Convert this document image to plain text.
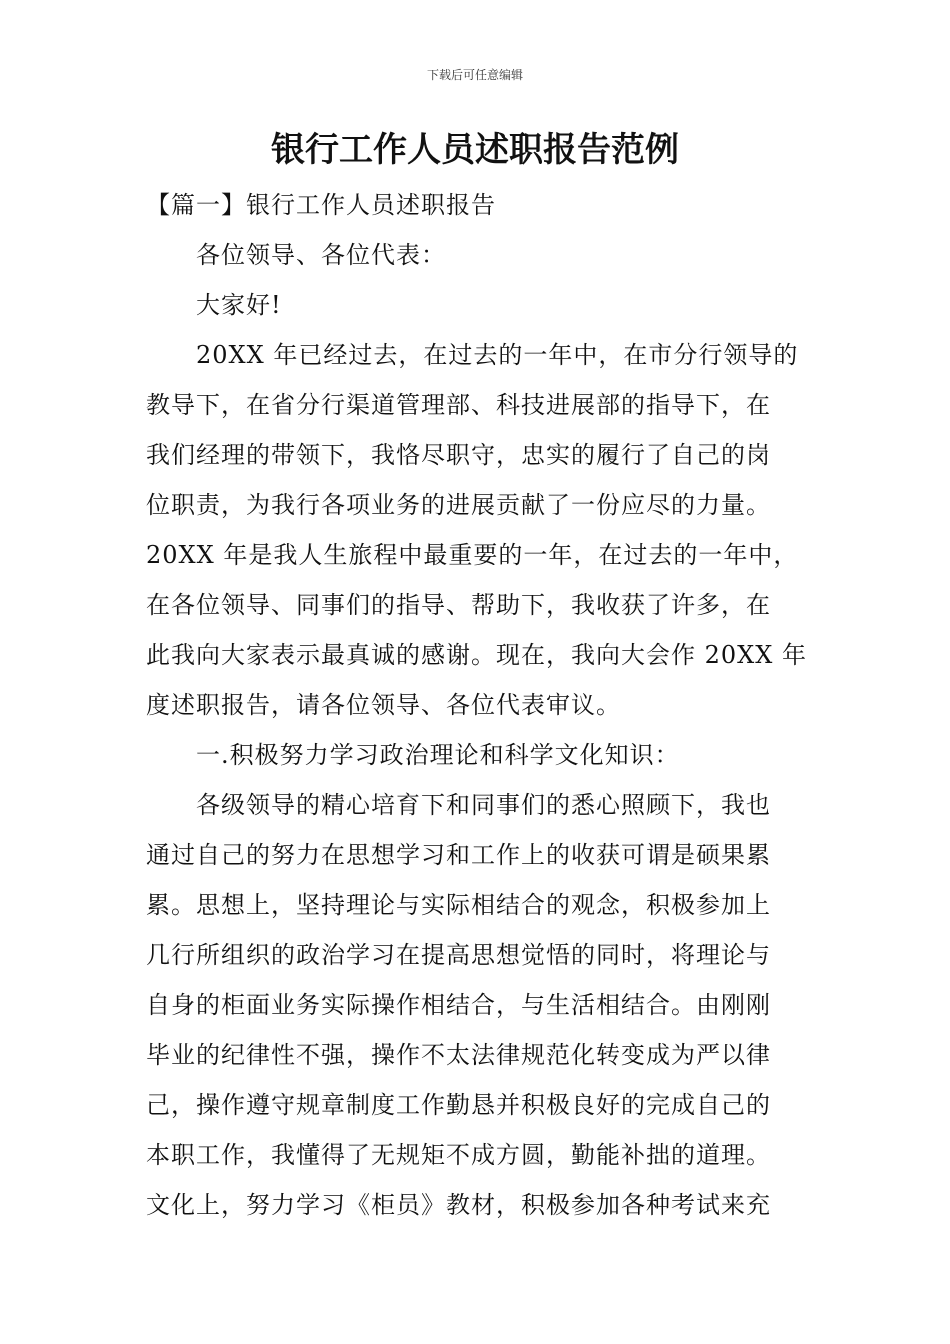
下载后可任意编辑
银行工作人员述职报告范例
【篇一】银行工作人员述职报告
各位领导、各位代表：
大家好!
20XX 年已经过去，在过去的一年中，在市分行领导的
教导下，在省分行渠道管理部、科技进展部的指导下，在
我们经理的带领下，我恪尽职守，忠实的履行了自己的岗
位职责，为我行各项业务的进展贡献了一份应尽的力量。
20XX 年是我人生旅程中最重要的一年，在过去的一年中，
在各位领导、同事们的指导、帮助下，我收获了许多，在
此我向大家表示最真诚的感谢。现在，我向大会作 20XX 年
度述职报告，请各位领导、各位代表审议。
一.积极努力学习政治理论和科学文化知识：
各级领导的精心培育下和同事们的悉心照顾下，我也
通过自己的努力在思想学习和工作上的收获可谓是硕果累
累。思想上，坚持理论与实际相结合的观念，积极参加上
几行所组织的政治学习在提高思想觉悟的同时，将理论与
自身的柜面业务实际操作相结合，与生活相结合。由刚刚
毕业的纪律性不强，操作不太法律规范化转变成为严以律
己，操作遵守规章制度工作勤恳并积极良好的完成自己的
本职工作，我懂得了无规矩不成方圆，勤能补拙的道理。
文化上，努力学习《柜员》教材，积极参加各种考试来充
